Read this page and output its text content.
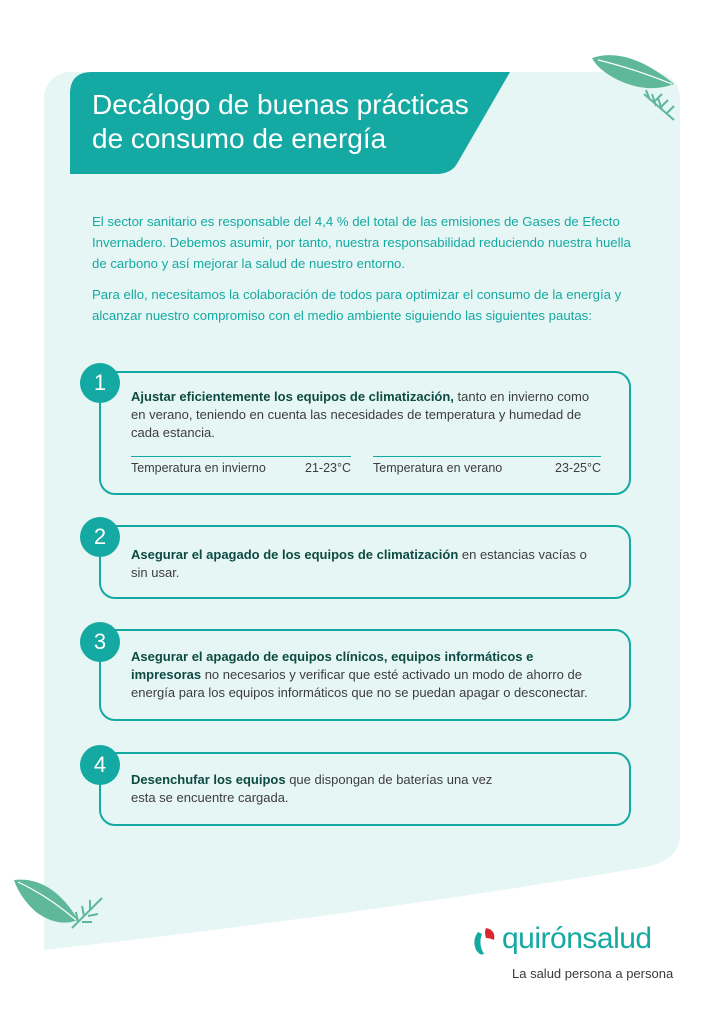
Decálogo de buenas prácticas
de consumo de energía
El sector sanitario es responsable del 4,4 % del total de las emisiones de Gases de Efecto Invernadero. Debemos asumir, por tanto, nuestra responsabilidad reduciendo nuestra huella de carbono y así mejorar la salud de nuestro entorno.
Para ello, necesitamos la colaboración de todos para optimizar el consumo de la energía y alcanzar nuestro compromiso con el medio ambiente siguiendo las siguientes pautas:
Ajustar eficientemente los equipos de climatización, tanto en invierno como en verano, teniendo en cuenta las necesidades de temperatura y humedad de cada estancia.
Temperatura en invierno	21-23°C Temperatura en verano	23-25°C
1
Asegurar el apagado de los equipos de climatización en estancias vacías o sin usar.
2
Asegurar el apagado de equipos clínicos, equipos informáticos e impresoras no necesarios y verificar que esté activado un modo de ahorro de energía para los equipos informáticos que no se puedan apagar o desconectar.
3
Desenchufar los equipos que dispongan de baterías una vez esta se encuentre cargada.
4
quirónsalud
La salud persona a persona
